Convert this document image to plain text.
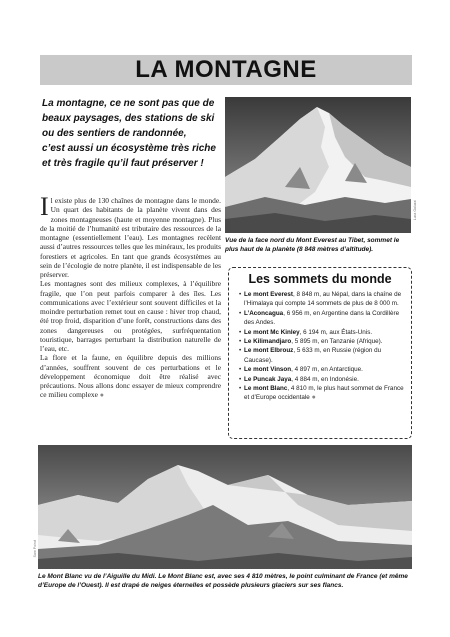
LA MONTAGNE
La montagne, ce ne sont pas que de
beaux paysages, des stations de ski
ou des sentiers de randonnée,
c’est aussi un écosystème très riche
et très fragile qu’il faut préserver !
Luca Galuzzi
Vue de la face nord du Mont Everest au Tibet, sommet le plus haut de la planète (8 848 mètres d’altitude).

Il existe plus de 130 chaînes de montagne dans le monde. Un quart des habitants de la planète vivent dans des zones montagneuses (haute et moyenne montagne). Plus de la moitié de l’humanité est tributaire des ressources de la montagne (essentiellement l’eau). Les montagnes recèlent aussi d’autres ressources telles que les minéraux, les produits forestiers et agricoles. En tant que grands écosystèmes au sein de l’écologie de notre planète, il est indispensable de les préserver.

Les montagnes sont des milieux complexes, à l’équilibre fragile, que l’on peut parfois comparer à des îles. Les communications avec l’extérieur sont souvent difficiles et la moindre perturbation remet tout en cause : hiver trop chaud, été trop froid, disparition d’une forêt, constructions dans des zones dangereuses ou protégées, surfréquentation touristique, barrages perturbant la distribution naturelle de l’eau, etc.

La flore et la faune, en équilibre depuis des millions d’années, souffrent souvent de ces perturbations et le développement économique doit être réalisé avec précautions. Nous allons donc essayer de mieux comprendre ce milieu complexe ●

Les sommets du monde
• Le mont Everest, 8 848 m, au Népal, dans la chaîne de l’Himalaya qui compte 14 sommets de plus de 8 000 m.
• L’Aconcagua, 6 956 m, en Argentine dans la Cordillère des Andes.
• Le mont Mc Kinley, 6 194 m, aux États-Unis.
• Le Kilimandjaro, 5 895 m, en Tanzanie (Afrique).
• Le mont Elbrouz, 5 633 m, en Russie (région du Caucase).
• Le mont Vinson, 4 897 m, en Antarctique.
• Le Puncak Jaya, 4 884 m, en Indonésie.
• Le mont Blanc, 4 810 m, le plus haut sommet de France et d’Europe occidentale ●
Sam Poirot
Le Mont Blanc vu de l’Aiguille du Midi. Le Mont Blanc est, avec ses 4 810 mètres, le point culminant de France (et même d’Europe de l’Ouest). Il est drapé de neiges éternelles et possède plusieurs glaciers sur ses flancs.
